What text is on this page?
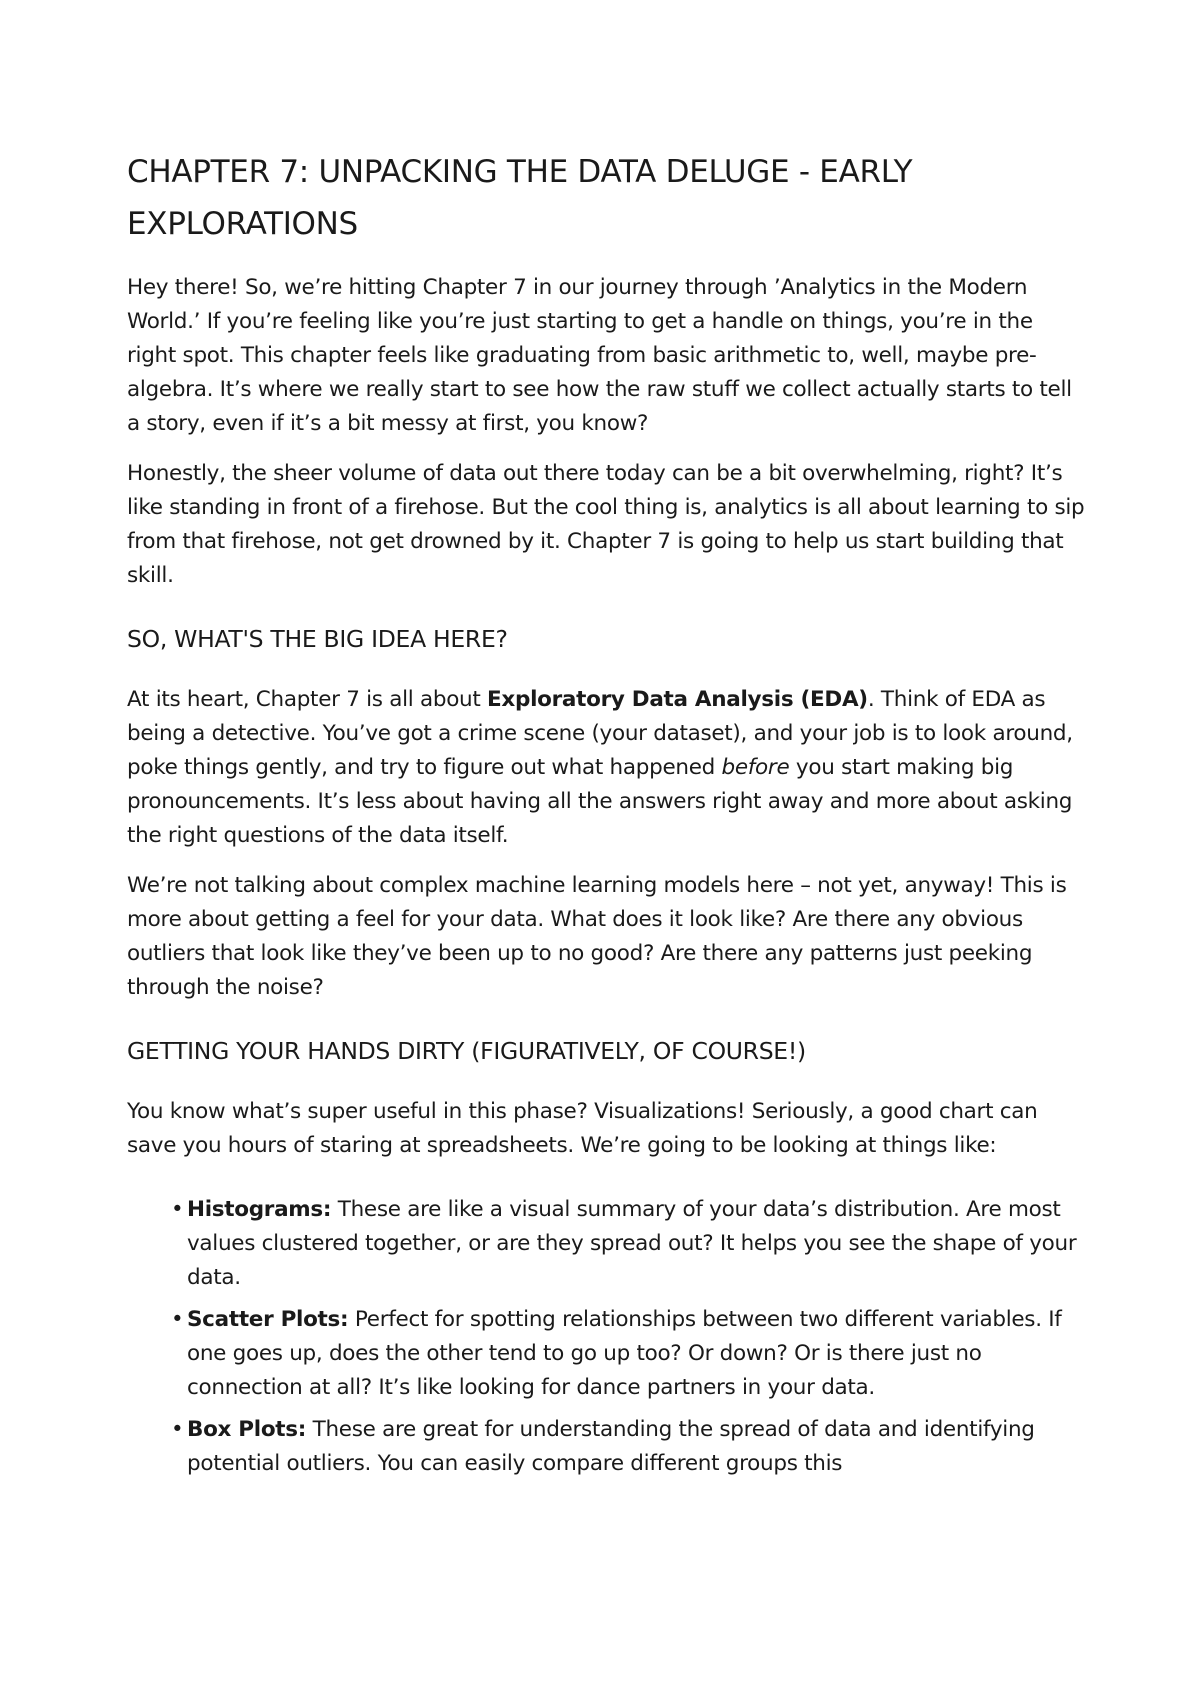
CHAPTER 7: UNPACKING THE DATA DELUGE - EARLY EXPLORATIONS

Hey there! So, we’re hitting Chapter 7 in our journey through ’Analytics in the Modern World.’ If you’re feeling like you’re just starting to get a handle on things, you’re in the right spot. This chapter feels like graduating from basic arithmetic to, well, maybe pre-algebra. It’s where we really start to see how the raw stuff we collect actually starts to tell a story, even if it’s a bit messy at first, you know?

Honestly, the sheer volume of data out there today can be a bit overwhelming, right? It’s like standing in front of a firehose. But the cool thing is, analytics is all about learning to sip from that firehose, not get drowned by it. Chapter 7 is going to help us start building that skill.

SO, WHAT'S THE BIG IDEA HERE?

At its heart, Chapter 7 is all about Exploratory Data Analysis (EDA). Think of EDA as being a detective. You’ve got a crime scene (your dataset), and your job is to look around, poke things gently, and try to figure out what happened before you start making big pronouncements. It’s less about having all the answers right away and more about asking the right questions of the data itself.

We’re not talking about complex machine learning models here – not yet, anyway! This is more about getting a feel for your data. What does it look like? Are there any obvious outliers that look like they’ve been up to no good? Are there any patterns just peeking through the noise?

GETTING YOUR HANDS DIRTY (FIGURATIVELY, OF COURSE!)

You know what’s super useful in this phase? Visualizations! Seriously, a good chart can save you hours of staring at spreadsheets. We’re going to be looking at things like:

• Histograms: These are like a visual summary of your data’s distribution. Are most values clustered together, or are they spread out? It helps you see the shape of your data.
• Scatter Plots: Perfect for spotting relationships between two different variables. If one goes up, does the other tend to go up too? Or down? Or is there just no connection at all? It’s like looking for dance partners in your data.
• Box Plots: These are great for understanding the spread of data and identifying potential outliers. You can easily compare different groups this
